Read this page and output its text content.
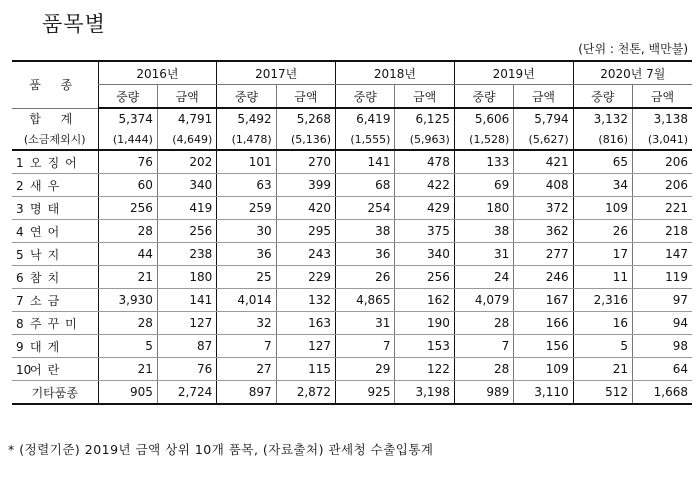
품목별
(단위 : 천톤, 백만불)
품 종	2016년		2017년		2018년		2019년		2020년 7월	
	중량	금액	중량	금액	중량	금액	중량	금액	중량	금액
합 계	5,374	4,791	5,492	5,268	6,419	6,125	5,606	5,794	3,132	3,138
(소금제외시)	(1,444)	(4,649)	(1,478)	(5,136)	(1,555)	(5,963)	(1,528)	(5,627)	(816)	(3,041)
1 오징어	76	202	101	270	141	478	133	421	65	206
2 새우	60	340	63	399	68	422	69	408	34	206
3 명태	256	419	259	420	254	429	180	372	109	221
4 연어	28	256	30	295	38	375	38	362	26	218
5 낙지	44	238	36	243	36	340	31	277	17	147
6 참치	21	180	25	229	26	256	24	246	11	119
7 소금	3,930	141	4,014	132	4,865	162	4,079	167	2,316	97
8 주꾸미	28	127	32	163	31	190	28	166	16	94
9 대게	5	87	7	127	7	153	7	156	5	98
10어란	21	76	27	115	29	122	28	109	21	64
기타품종	905	2,724	897	2,872	925	3,198	989	3,110	512	1,668
* (정렬기준) 2019년 금액 상위 10개 품목, (자료출처) 관세청 수출입통계
